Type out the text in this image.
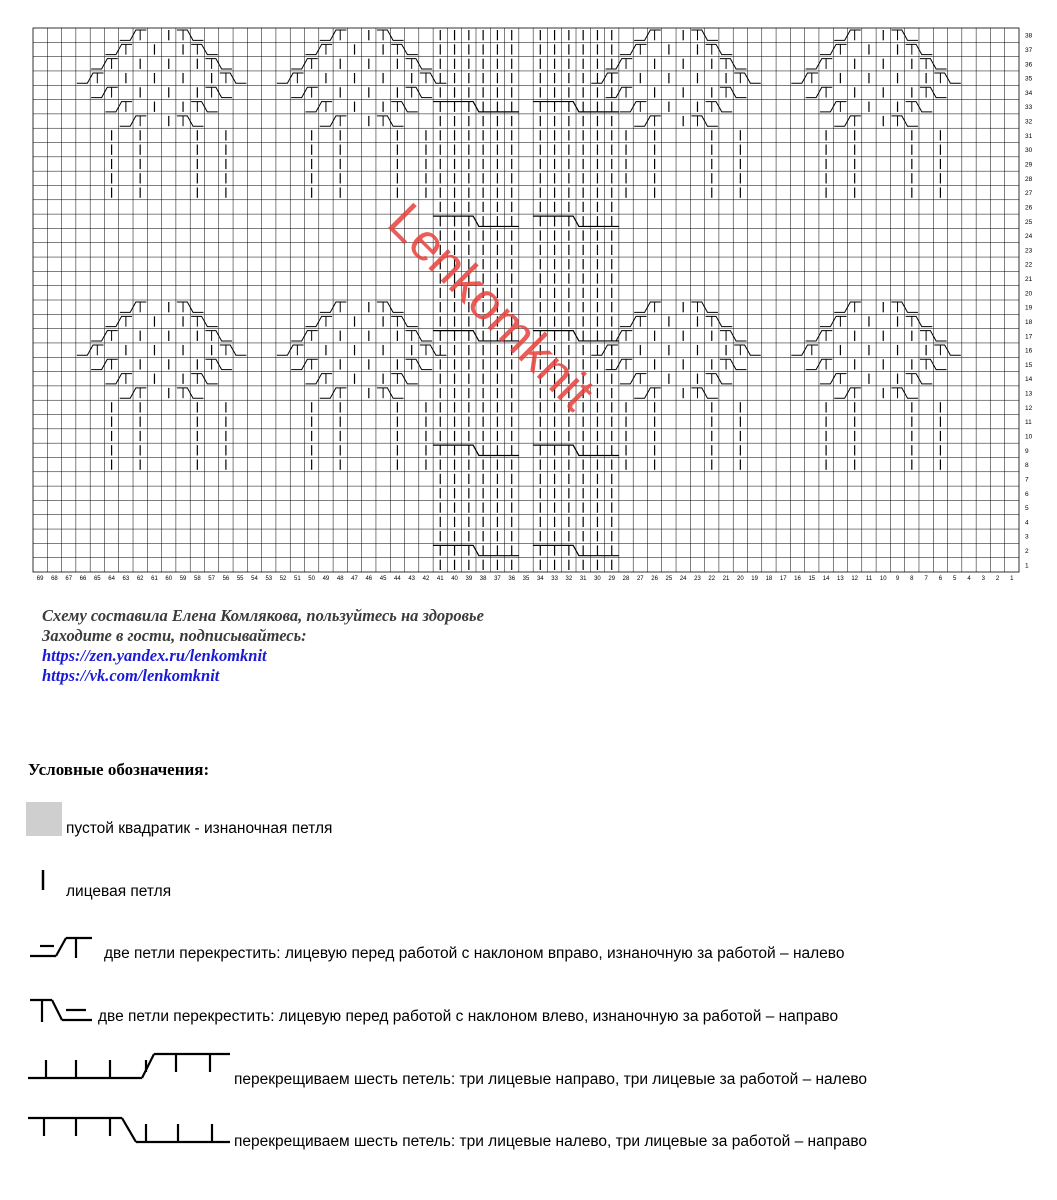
38
37
36
35
34
33
32
31
30
29
28
27
26
25
24
23
22
21
20
19
18
17
16
15
14
13
12
11
10
9
8
7
6
5
4
3
2
1
69 68 67 66 65 64 63 62 61 60 59 58 57 56 55 54 53 52 51 50 49 48 47 46 45 44 43 42 41 40 39 38 37 36 35 34 33 32 31 30 29 28 27 26 25 24 23 22 21 20 19 18 17 16 15 14 13 12 11 10 9 8 7 6 5 4 3 2 1
Lenkomknit
Схему составила Елена Комлякова, пользуйтесь на здоровье
Заходите в гости, подписывайтесь:
https://zen.yandex.ru/lenkomknit
https://vk.com/lenkomknit
Условные обозначения:
пустой квадратик - изнаночная петля
лицевая петля
две петли перекрестить: лицевую перед работой с наклоном вправо, изнаночную за работой – налево
две петли перекрестить: лицевую перед работой с наклоном влево, изнаночную за работой – направо
перекрещиваем шесть петель: три лицевые направо, три лицевые за работой – налево
перекрещиваем шесть петель: три лицевые налево, три лицевые за работой – направо
